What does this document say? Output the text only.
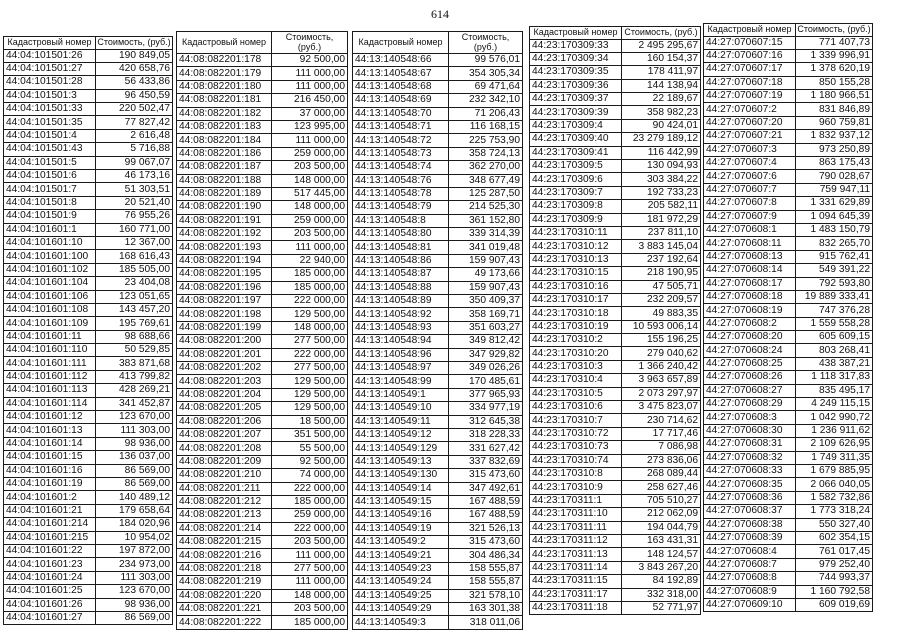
614
Кадастровый номер	Стоимость, (руб.)
44:04:101501:26	190 849,05
44:04:101501:27	420 658,76
44:04:101501:28	56 433,86
44:04:101501:3	96 450,59
44:04:101501:33	220 502,47
44:04:101501:35	77 827,42
44:04:101501:4	2 616,48
44:04:101501:43	5 716,88
44:04:101501:5	99 067,07
44:04:101501:6	46 173,16
44:04:101501:7	51 303,51
44:04:101501:8	20 521,40
44:04:101501:9	76 955,26
44:04:101601:1	160 771,00
44:04:101601:10	12 367,00
44:04:101601:100	168 616,43
44:04:101601:102	185 505,00
44:04:101601:104	23 404,08
44:04:101601:106	123 051,65
44:04:101601:108	143 457,20
44:04:101601:109	195 769,61
44:04:101601:11	98 688,66
44:04:101601:110	50 529,85
44:04:101601:111	383 871,68
44:04:101601:112	413 799,82
44:04:101601:113	428 269,21
44:04:101601:114	341 452,87
44:04:101601:12	123 670,00
44:04:101601:13	111 303,00
44:04:101601:14	98 936,00
44:04:101601:15	136 037,00
44:04:101601:16	86 569,00
44:04:101601:19	86 569,00
44:04:101601:2	140 489,12
44:04:101601:21	179 658,64
44:04:101601:214	184 020,96
44:04:101601:215	10 954,02
44:04:101601:22	197 872,00
44:04:101601:23	234 973,00
44:04:101601:24	111 303,00
44:04:101601:25	123 670,00
44:04:101601:26	98 936,00
44:04:101601:27	86 569,00
Кадастровый номер	Стоимость, (руб.)
44:08:082201:178	92 500,00
44:08:082201:179	111 000,00
44:08:082201:180	111 000,00
44:08:082201:181	216 450,00
44:08:082201:182	37 000,00
44:08:082201:183	123 995,00
44:08:082201:184	111 000,00
44:08:082201:186	259 000,00
44:08:082201:187	203 500,00
44:08:082201:188	148 000,00
44:08:082201:189	517 445,00
44:08:082201:190	148 000,00
44:08:082201:191	259 000,00
44:08:082201:192	203 500,00
44:08:082201:193	111 000,00
44:08:082201:194	22 940,00
44:08:082201:195	185 000,00
44:08:082201:196	185 000,00
44:08:082201:197	222 000,00
44:08:082201:198	129 500,00
44:08:082201:199	148 000,00
44:08:082201:200	277 500,00
44:08:082201:201	222 000,00
44:08:082201:202	277 500,00
44:08:082201:203	129 500,00
44:08:082201:204	129 500,00
44:08:082201:205	129 500,00
44:08:082201:206	18 500,00
44:08:082201:207	351 500,00
44:08:082201:208	55 500,00
44:08:082201:209	92 500,00
44:08:082201:210	74 000,00
44:08:082201:211	222 000,00
44:08:082201:212	185 000,00
44:08:082201:213	259 000,00
44:08:082201:214	222 000,00
44:08:082201:215	203 500,00
44:08:082201:216	111 000,00
44:08:082201:218	277 500,00
44:08:082201:219	111 000,00
44:08:082201:220	148 000,00
44:08:082201:221	203 500,00
44:08:082201:222	185 000,00
Кадастровый номер	Стоимость, (руб.)
44:13:140548:66	99 576,01
44:13:140548:67	354 305,34
44:13:140548:68	69 471,64
44:13:140548:69	232 342,10
44:13:140548:70	71 206,43
44:13:140548:71	116 168,15
44:13:140548:72	225 753,90
44:13:140548:73	358 724,13
44:13:140548:74	362 270,00
44:13:140548:76	348 677,49
44:13:140548:78	125 287,50
44:13:140548:79	214 525,30
44:13:140548:8	361 152,80
44:13:140548:80	339 314,39
44:13:140548:81	341 019,48
44:13:140548:86	159 907,43
44:13:140548:87	49 173,66
44:13:140548:88	159 907,43
44:13:140548:89	350 409,37
44:13:140548:92	358 169,71
44:13:140548:93	351 603,27
44:13:140548:94	349 812,42
44:13:140548:96	347 929,82
44:13:140548:97	349 026,26
44:13:140548:99	170 485,61
44:13:140549:1	377 965,93
44:13:140549:10	334 977,19
44:13:140549:11	312 645,38
44:13:140549:12	318 228,33
44:13:140549:129	331 627,42
44:13:140549:13	337 832,69
44:13:140549:130	315 473,60
44:13:140549:14	347 492,61
44:13:140549:15	167 488,59
44:13:140549:16	167 488,59
44:13:140549:19	321 526,13
44:13:140549:2	315 473,60
44:13:140549:21	304 486,34
44:13:140549:23	158 555,87
44:13:140549:24	158 555,87
44:13:140549:25	321 578,10
44:13:140549:29	163 301,38
44:13:140549:3	318 011,06
Кадастровый номер	Стоимость, (руб.)
44:23:170309:33	2 495 295,67
44:23:170309:34	160 154,37
44:23:170309:35	178 411,97
44:23:170309:36	144 138,94
44:23:170309:37	22 189,67
44:23:170309:39	358 982,23
44:23:170309:4	90 424,01
44:23:170309:40	23 279 189,12
44:23:170309:41	116 442,99
44:23:170309:5	130 094,93
44:23:170309:6	303 384,22
44:23:170309:7	192 733,23
44:23:170309:8	205 582,11
44:23:170309:9	181 972,29
44:23:170310:11	237 811,10
44:23:170310:12	3 883 145,04
44:23:170310:13	237 192,64
44:23:170310:15	218 190,95
44:23:170310:16	47 505,71
44:23:170310:17	232 209,57
44:23:170310:18	49 883,35
44:23:170310:19	10 593 006,14
44:23:170310:2	155 196,25
44:23:170310:20	279 040,62
44:23:170310:3	1 366 240,42
44:23:170310:4	3 963 657,89
44:23:170310:5	2 073 297,97
44:23:170310:6	3 475 823,07
44:23:170310:7	230 714,62
44:23:170310:72	17 717,46
44:23:170310:73	7 086,98
44:23:170310:74	273 836,06
44:23:170310:8	268 089,44
44:23:170310:9	258 627,46
44:23:170311:1	705 510,27
44:23:170311:10	212 062,09
44:23:170311:11	194 044,79
44:23:170311:12	163 431,31
44:23:170311:13	148 124,57
44:23:170311:14	3 843 267,20
44:23:170311:15	84 192,89
44:23:170311:17	332 318,00
44:23:170311:18	52 771,97
Кадастровый номер	Стоимость, (руб.)
44:27:070607:15	771 407,73
44:27:070607:16	1 339 996,91
44:27:070607:17	1 378 620,19
44:27:070607:18	850 155,28
44:27:070607:19	1 180 966,51
44:27:070607:2	831 846,89
44:27:070607:20	960 759,81
44:27:070607:21	1 832 937,12
44:27:070607:3	973 250,89
44:27:070607:4	863 175,43
44:27:070607:6	790 028,67
44:27:070607:7	759 947,11
44:27:070607:8	1 331 629,89
44:27:070607:9	1 094 645,39
44:27:070608:1	1 483 150,79
44:27:070608:11	832 265,70
44:27:070608:13	915 762,41
44:27:070608:14	549 391,22
44:27:070608:17	792 593,80
44:27:070608:18	19 889 333,41
44:27:070608:19	747 376,28
44:27:070608:2	1 559 558,28
44:27:070608:20	605 609,15
44:27:070608:24	803 268,41
44:27:070608:25	438 387,21
44:27:070608:26	1 118 317,83
44:27:070608:27	835 495,17
44:27:070608:29	4 249 115,15
44:27:070608:3	1 042 990,72
44:27:070608:30	1 236 911,62
44:27:070608:31	2 109 626,95
44:27:070608:32	1 749 311,35
44:27:070608:33	1 679 885,95
44:27:070608:35	2 066 040,05
44:27:070608:36	1 582 732,86
44:27:070608:37	1 773 318,24
44:27:070608:38	550 327,40
44:27:070608:39	602 354,15
44:27:070608:4	761 017,45
44:27:070608:7	979 252,40
44:27:070608:8	744 993,37
44:27:070608:9	1 160 792,58
44:27:070609:10	609 019,69
